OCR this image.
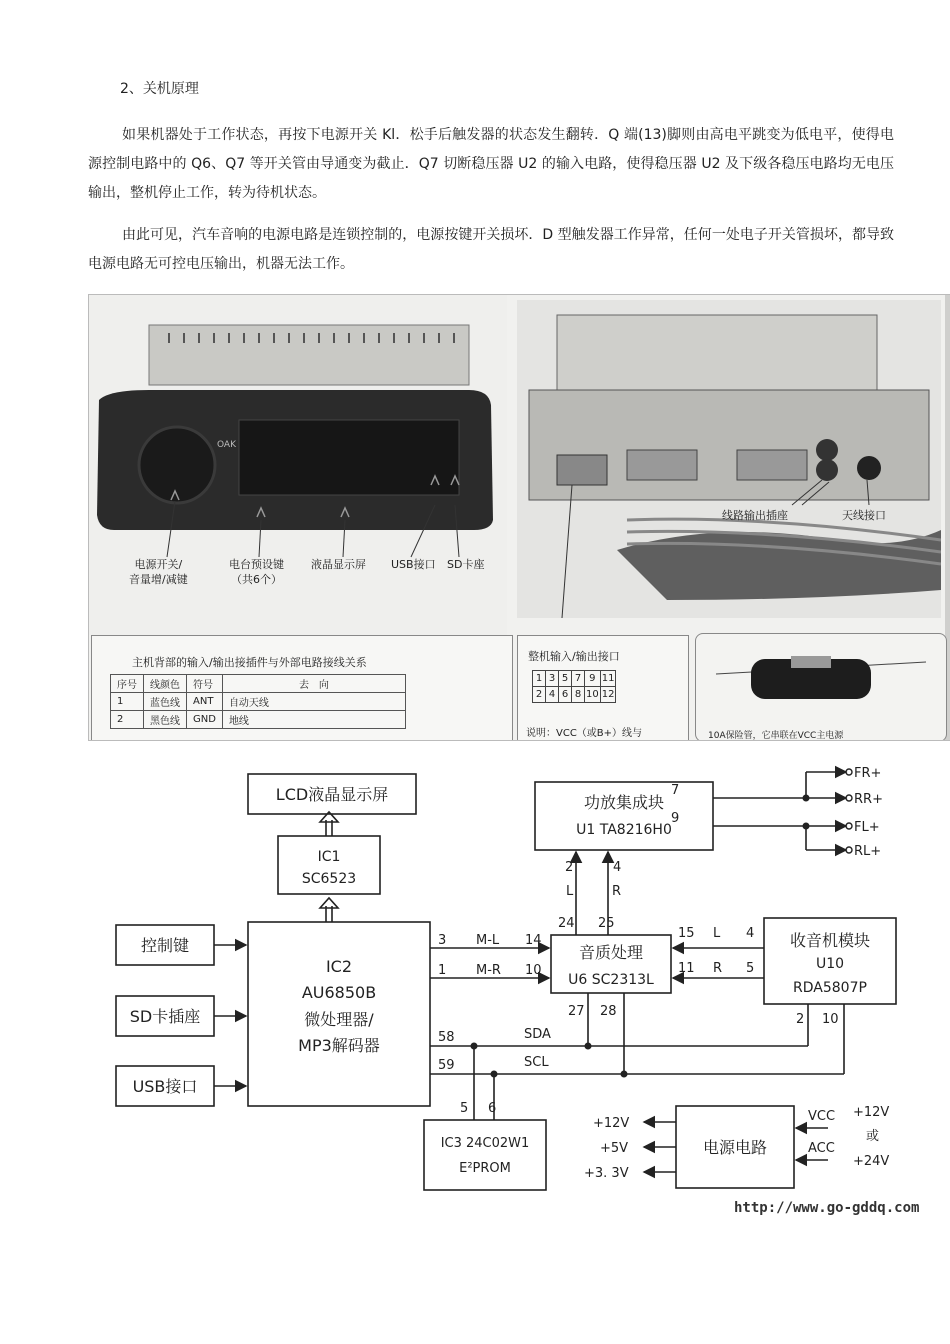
2、关机原理

如果机器处于工作状态，再按下电源开关 Kl．松手后触发器的状态发生翻转．Q 端(13)脚则由高电平跳变为低电平，使得电源控制电路中的 Q6、Q7 等开关管由导通变为截止．Q7 切断稳压器 U2 的输入电路，使得稳压器 U2 及下级各稳压电路均无电压输出，整机停止工作，转为待机状态。

由此可见，汽车音响的电源电路是连锁控制的，电源按键开关损坏．D 型触发器工作异常，任何一处电子开关管损坏，都导致电源电路无可控电压输出，机器无法工作。

OAK
电源开关/
音量增/减键
电台预设键
（共6个）
液晶显示屏 USB接口 SD卡座
线路输出插座	天线接口
主机背部的输入/输出接插件与外部电路接线关系
序号	线颜色	符号	去　向
1	蓝色线	ANT	自动天线
2	黑色线	GND	地线
整机输入/输出接口
1	3	5	7	9	11
2	4	6	8	10	12
说明：VCC（或B+）线与	10A保险管，它串联在VCC主电源
LCD液晶显示屏
IC1
SC6523
IC2
AU6850B
微处理器/
MP3解码器
控制键
SD卡插座
USB接口
功放集成块
U1 TA8216H0
音质处理
U6 SC2313L
收音机模块
U10
RDA5807P
IC3 24C02W1
E²PROM
电源电路
FR+
RR+
FL+
RL+
7
9
2	4
L	R
24 25
3
1
M-L
M-R
14
10
15
11
L
R
4
5
27 28
2 10
58
59
SDA
SCL
5 6
+12V
+5V
+3. 3V
VCC
ACC
+12V
或
+24V
http://www.go-gddq.com
